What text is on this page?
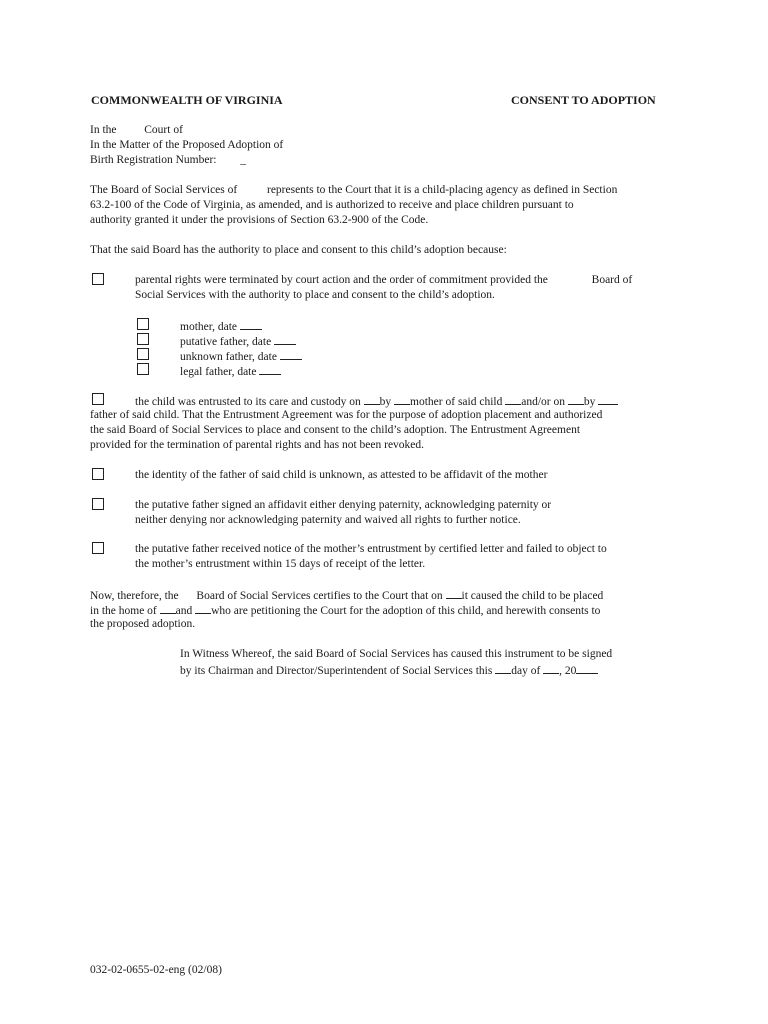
COMMONWEALTH OF VIRGINIA	CONSENT TO ADOPTION
In the Court of
In the Matter of the Proposed Adoption of
Birth Registration Number: _
The Board of Social Services of	represents to the Court that it is a child-placing agency as defined in Section
63.2-100 of the Code of Virginia, as amended, and is authorized to receive and place children pursuant to
authority granted it under the provisions of Section 63.2-900 of the Code.
That the said Board has the authority to place and consent to this child’s adoption because:
parental rights were terminated by court action and the order of commitment provided the	Board of
Social Services with the authority to place and consent to the child’s adoption.
mother, date
putative father, date
unknown father, date
legal father, date
the child was entrusted to its care and custody on by mother of said child and/or on by
father of said child. That the Entrustment Agreement was for the purpose of adoption placement and authorized
the said Board of Social Services to place and consent to the child’s adoption. The Entrustment Agreement
provided for the termination of parental rights and has not been revoked.
the identity of the father of said child is unknown, as attested to be affidavit of the mother
the putative father signed an affidavit either denying paternity, acknowledging paternity or
neither denying nor acknowledging paternity and waived all rights to further notice.
the putative father received notice of the mother’s entrustment by certified letter and failed to object to
the mother’s entrustment within 15 days of receipt of the letter.
Now, therefore, the Board of Social Services certifies to the Court that on it caused the child to be placed
in the home of and who are petitioning the Court for the adoption of this child, and herewith consents to
the proposed adoption.
In Witness Whereof, the said Board of Social Services has caused this instrument to be signed
by its Chairman and Director/Superintendent of Social Services this day of , 20
032-02-0655-02-eng (02/08)
